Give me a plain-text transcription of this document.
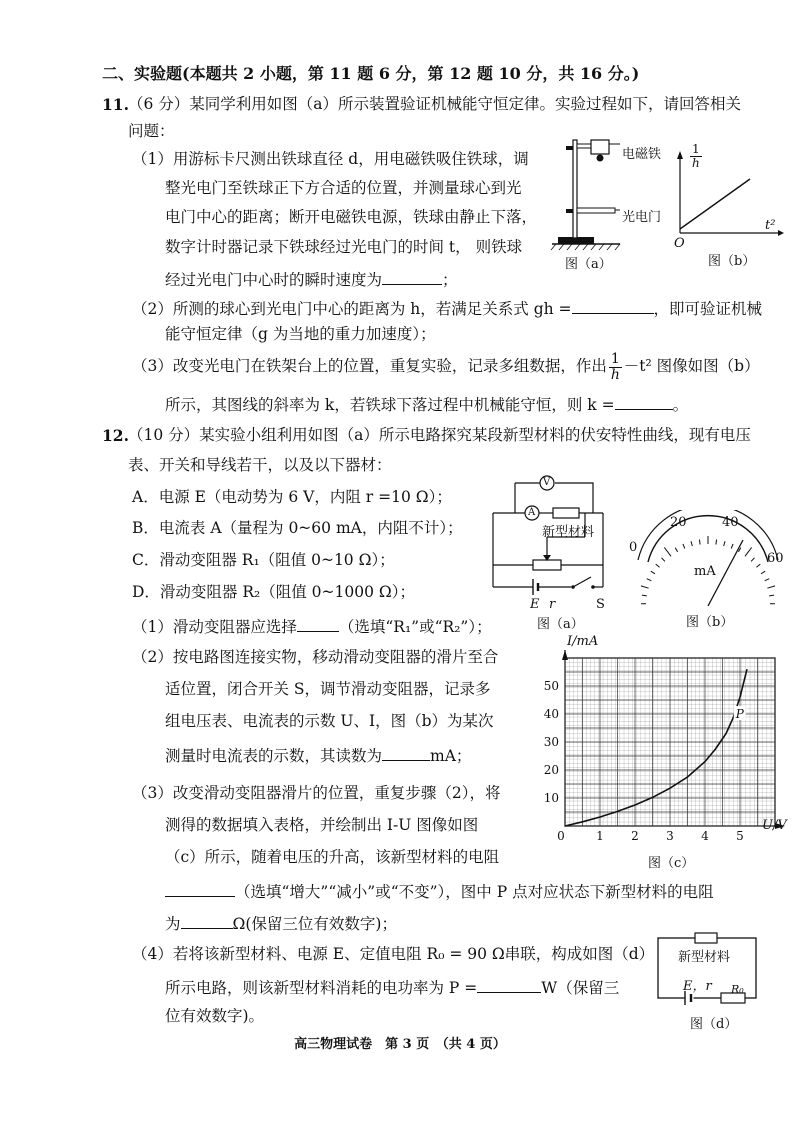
二、实验题(本题共 2 小题，第 11 题 6 分，第 12 题 10 分，共 16 分。)
11. （6 分）某同学利用如图（a）所示装置验证机械能守恒定律。实验过程如下，请回答相关
问题：
（1）用游标卡尺测出铁球直径 d，用电磁铁吸住铁球，调
整光电门至铁球正下方合适的位置，并测量球心到光
电门中心的距离；断开电磁铁电源，铁球由静止下落，
数字计时器记录下铁球经过光电门的时间 t， 则铁球
经过光电门中心时的瞬时速度为	；
（2）所测的球心到光电门中心的距离为 h，若满足关系式 gh =	，即可验证机械
能守恒定律（g 为当地的重力加速度）；
（3）改变光电门在铁架台上的位置，重复实验，记录多组数据，作出 $\frac{1}{h} -t^2$ 图像如图（b）
所示，其图线的斜率为 k，若铁球下落过程中机械能守恒，则 k =	。
电磁铁
光电门
图（a）
$\frac{1}{h}$
t²
O
图（b）
12. （10 分）某实验小组利用如图（a）所示电路探究某段新型材料的伏安特性曲线，现有电压
表、开关和导线若干，以及以下器材：
A．电源 E（电动势为 6 V，内阻 r =10 Ω）；
B．电流表 A（量程为 0~60 mA，内阻不计）；
C．滑动变阻器 R₁（阻值 0~10 Ω）；
D．滑动变阻器 R₂（阻值 0~1000 Ω）；
（1）滑动变阻器应选择	（选填“R₁”或“R₂”）；
（2）按电路图连接实物，移动滑动变阻器的滑片至合
适位置，闭合开关 S，调节滑动变阻器，记录多
组电压表、电流表的示数 U、I，图（b）为某次
测量时电流表的示数，其读数为	mA；
（3）改变滑动变阻器滑片的位置，重复步骤（2），将
测得的数据填入表格，并绘制出 I-U 图像如图
（c）所示，随着电压的升高，该新型材料的电阻
（选填“增大”“减小”或“不变”），图中 P 点对应状态下新型材料的电阻
为	Ω(保留三位有效数字)；
（4）若将该新型材料、电源 E、定值电阻 R₀ = 90 Ω串联，构成如图（d）
所示电路，则该新型材料消耗的电功率为 P =	W（保留三
位有效数字)。
V
A
新型材料
E r	S
图（a）
0
20	40
60
mA
图（b）
0	1 2 3 4 5
10
20
30
40
50
P
I/mA
U/V
图（c）
新型材料
E，r R₀
图（d）
高三物理试卷　第 3 页　（共 4 页）
